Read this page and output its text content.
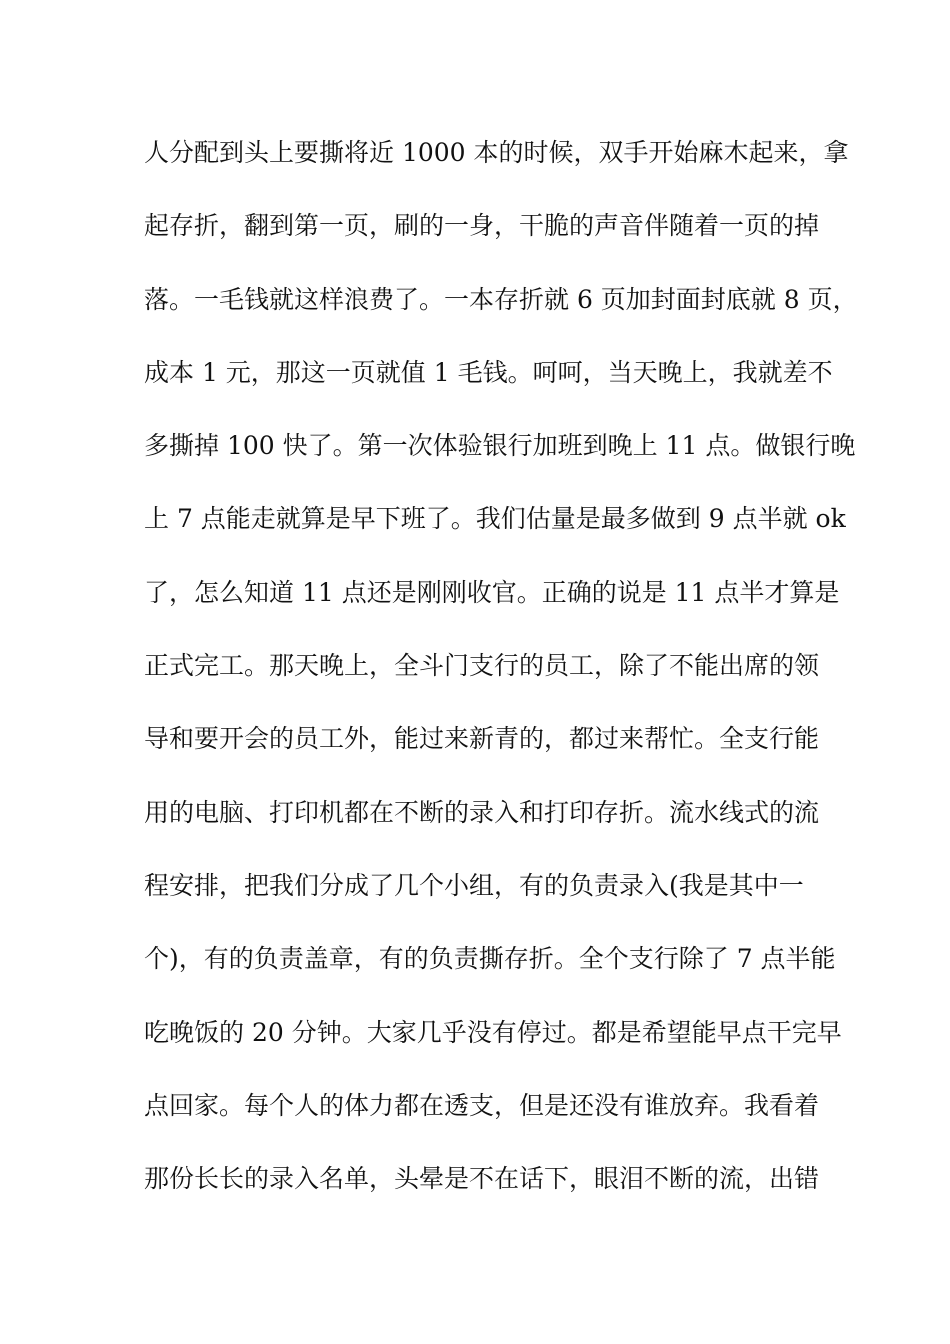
人分配到头上要撕将近 1000 本的时候，双手开始麻木起来，拿
起存折，翻到第一页，刷的一身，干脆的声音伴随着一页的掉
落。一毛钱就这样浪费了。一本存折就 6 页加封面封底就 8 页，
成本 1 元，那这一页就值 1 毛钱。呵呵，当天晚上，我就差不
多撕掉 100 快了。第一次体验银行加班到晚上 11 点。做银行晚
上 7 点能走就算是早下班了。我们估量是最多做到 9 点半就 ok
了，怎么知道 11 点还是刚刚收官。正确的说是 11 点半才算是
正式完工。那天晚上，全斗门支行的员工，除了不能出席的领
导和要开会的员工外，能过来新青的，都过来帮忙。全支行能
用的电脑、打印机都在不断的录入和打印存折。流水线式的流
程安排，把我们分成了几个小组，有的负责录入(我是其中一
个)，有的负责盖章，有的负责撕存折。全个支行除了 7 点半能
吃晚饭的 20 分钟。大家几乎没有停过。都是希望能早点干完早
点回家。每个人的体力都在透支，但是还没有谁放弃。我看着
那份长长的录入名单，头晕是不在话下，眼泪不断的流，出错
